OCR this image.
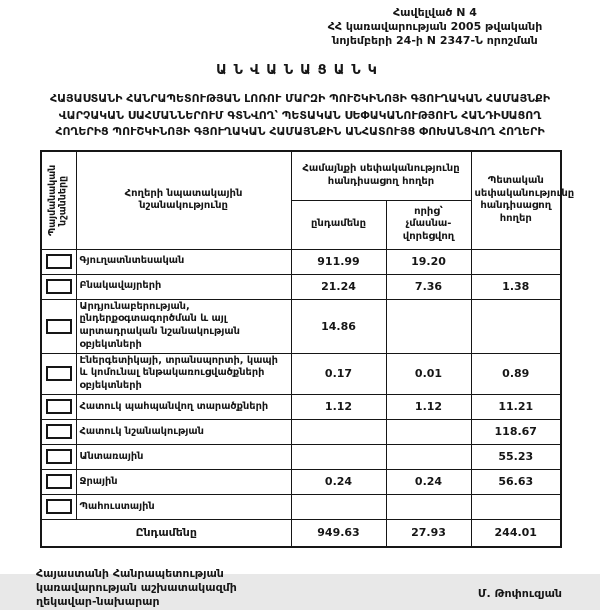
Հավելված N 4
ՀՀ կառավարության 2005 թվականի
նոյեմբերի 24-ի N 2347-Ն որոշման
ԱՆՎԱՆԱՑԱՆԿ
ՀԱՅԱՍՏԱՆԻ ՀԱՆՐԱՊԵՏՈՒԹՅԱՆ ԼՈՌՈՒ ՄԱՐԶԻ ՊՈՒՇԿԻՆՈՅԻ ԳՅՈՒՂԱԿԱՆ ՀԱՄԱՅՆՔԻ
ՎԱՐՉԱԿԱՆ ՍԱՀՄԱՆՆԵՐՈՒՄ ԳՏՆՎՈՂ՝ ՊԵՏԱԿԱՆ ՍԵՓԱԿԱՆՈՒԹՅՈՒՆ ՀԱՆԴԻՍԱՑՈՂ
ՀՈՂԵՐԻՑ ՊՈՒՇԿԻՆՈՅԻ ԳՅՈՒՂԱԿԱՆ ՀԱՄԱՅՆՔԻՆ ԱՆՀԱՏՈՒՅՑ ՓՈԽԱՆՑՎՈՂ ՀՈՂԵՐԻ
Պայմանական նշանները	Հողերի նպատակային նշանակությունը	Համայնքի սեփականությունը հանդիսացող հողեր		Պետական սեփականությունը հանդիսացող հողեր
		ընդամենը	որից՝ չմասնա-վորեցվող	

	Գյուղատնտեսական	911.99	19.20	

	Բնակավայրերի	21.24	7.36	1.38

	Արդյունաբերության, ընդերքօգտագործման և այլ արտադրական նշանակության օբյեկտների	14.86		

	Էներգետիկայի, տրանսպորտի, կապի և կոմունալ ենթակառուցվածքների օբյեկտների	0.17	0.01	0.89

	Հատուկ պահպանվող տարածքների	1.12	1.12	11.21

	Հատուկ նշանակության			118.67

	Անտառային			55.23

	Ջրային	0.24	0.24	56.63

	Պահուստային			
Ընդամենը		949.63	27.93	244.01
Հայաստանի Հանրապետության
կառավարության աշխատակազմի
ղեկավար-նախարար
Մ. Թոփուզյան
